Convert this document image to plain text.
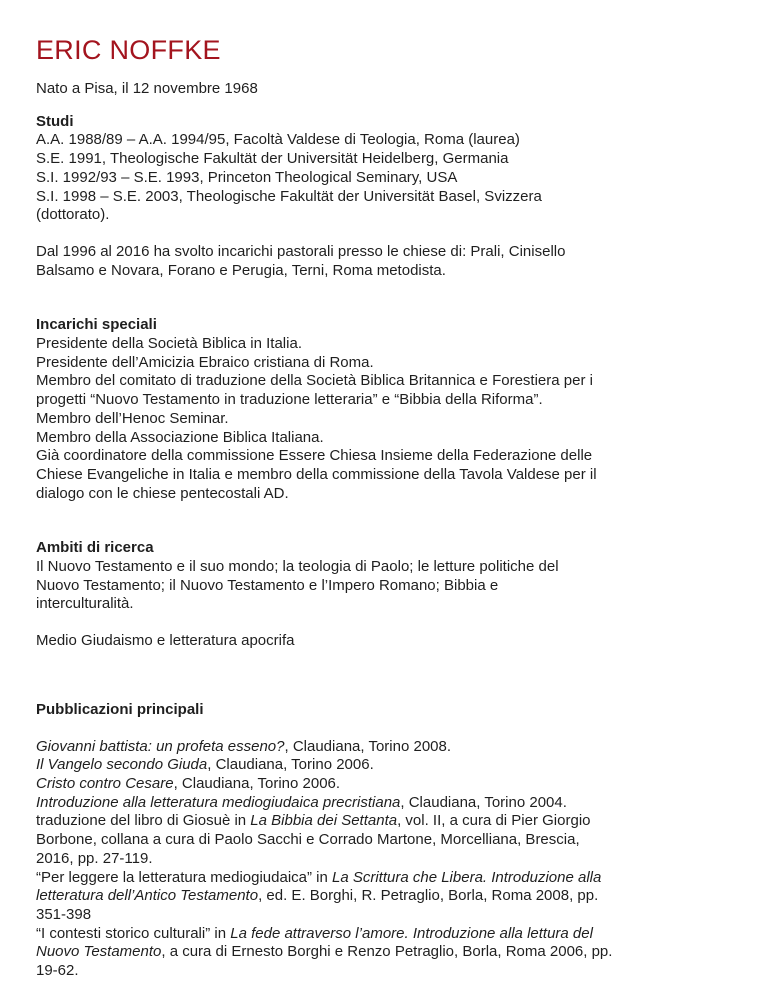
ERIC NOFFKE
Nato a Pisa, il 12 novembre 1968
Studi
A.A. 1988/89 – A.A. 1994/95, Facoltà Valdese di Teologia, Roma (laurea)
S.E. 1991, Theologische Fakultät der Universität Heidelberg, Germania
S.I. 1992/93 – S.E. 1993, Princeton Theological Seminary, USA
S.I. 1998 – S.E. 2003, Theologische Fakultät der Universität Basel, Svizzera
(dottorato).
Dal 1996 al 2016 ha svolto incarichi pastorali presso le chiese di: Prali, Cinisello
Balsamo e Novara, Forano e Perugia, Terni, Roma metodista.
Incarichi speciali
Presidente della Società Biblica in Italia.
Presidente dell’Amicizia Ebraico cristiana di Roma.
Membro del comitato di traduzione della Società Biblica Britannica e Forestiera per i
progetti “Nuovo Testamento in traduzione letteraria” e “Bibbia della Riforma”.
Membro dell’Henoc Seminar.
Membro della Associazione Biblica Italiana.
Già coordinatore della commissione Essere Chiesa Insieme della Federazione delle
Chiese Evangeliche in Italia e membro della commissione della Tavola Valdese per il
dialogo con le chiese pentecostali AD.
Ambiti di ricerca
Il Nuovo Testamento e il suo mondo; la teologia di Paolo; le letture politiche del
Nuovo Testamento; il Nuovo Testamento e l’Impero Romano; Bibbia e
interculturalità.
Medio Giudaismo e letteratura apocrifa
Pubblicazioni principali
Giovanni battista: un profeta esseno?, Claudiana, Torino 2008.
Il Vangelo secondo Giuda, Claudiana, Torino 2006.
Cristo contro Cesare, Claudiana, Torino 2006.
Introduzione alla letteratura mediogiudaica precristiana, Claudiana, Torino 2004.
traduzione del libro di Giosuè in La Bibbia dei Settanta, vol. II, a cura di Pier Giorgio
Borbone, collana a cura di Paolo Sacchi e Corrado Martone, Morcelliana, Brescia,
2016, pp. 27-119.
“Per leggere la letteratura mediogiudaica” in La Scrittura che Libera. Introduzione alla
letteratura dell’Antico Testamento, ed. E. Borghi, R. Petraglio, Borla, Roma 2008, pp.
351-398
“I contesti storico culturali” in La fede attraverso l’amore. Introduzione alla lettura del
Nuovo Testamento, a cura di Ernesto Borghi e Renzo Petraglio, Borla, Roma 2006, pp.
19-62.
